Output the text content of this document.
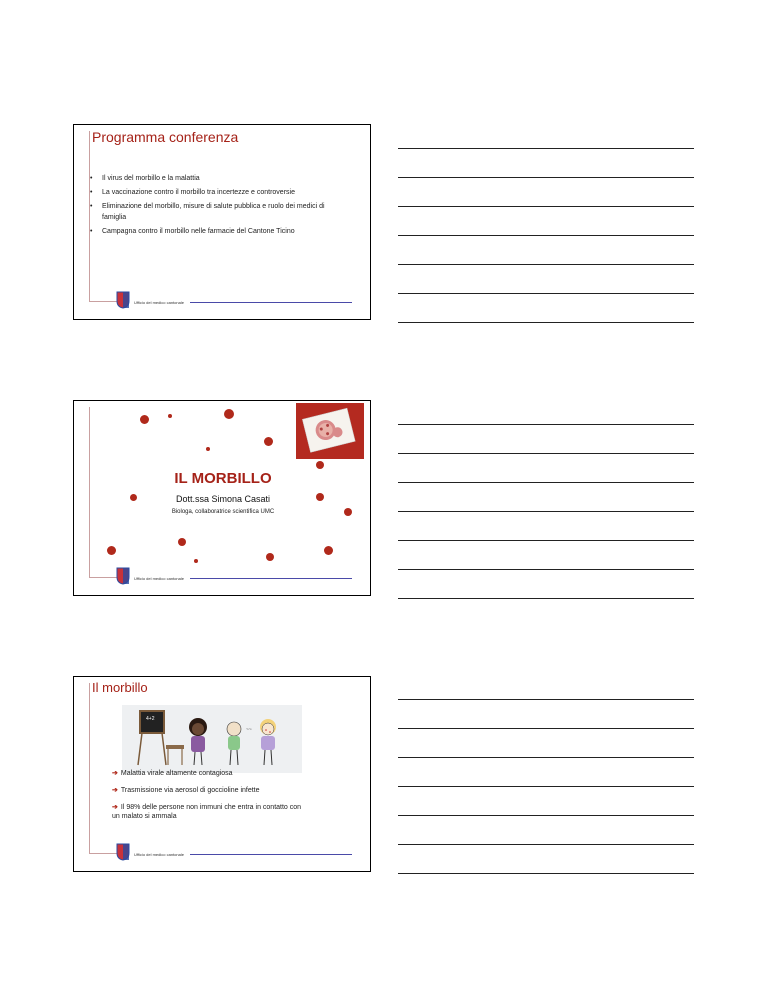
Programma conferenza
• Il virus del morbillo e la malattia
• La vaccinazione contro il morbillo tra incertezze e controversie
• Eliminazione del morbillo, misure di salute pubblica e ruolo dei medici di famiglia
• Campagna contro il morbillo nelle farmacie del Cantone Ticino
Ufficio del medico cantonale
IL MORBILLO
Dott.ssa Simona Casati
Biologa, collaboratrice scientifica UMC
Ufficio del medico cantonale
Il morbillo
4+2
~~
➔ Malattia virale altamente contagiosa
➔ Trasmissione via aerosol di goccioline infette
➔ Il 98% delle persone non immuni che entra in contatto con un malato si ammala
Ufficio del medico cantonale
